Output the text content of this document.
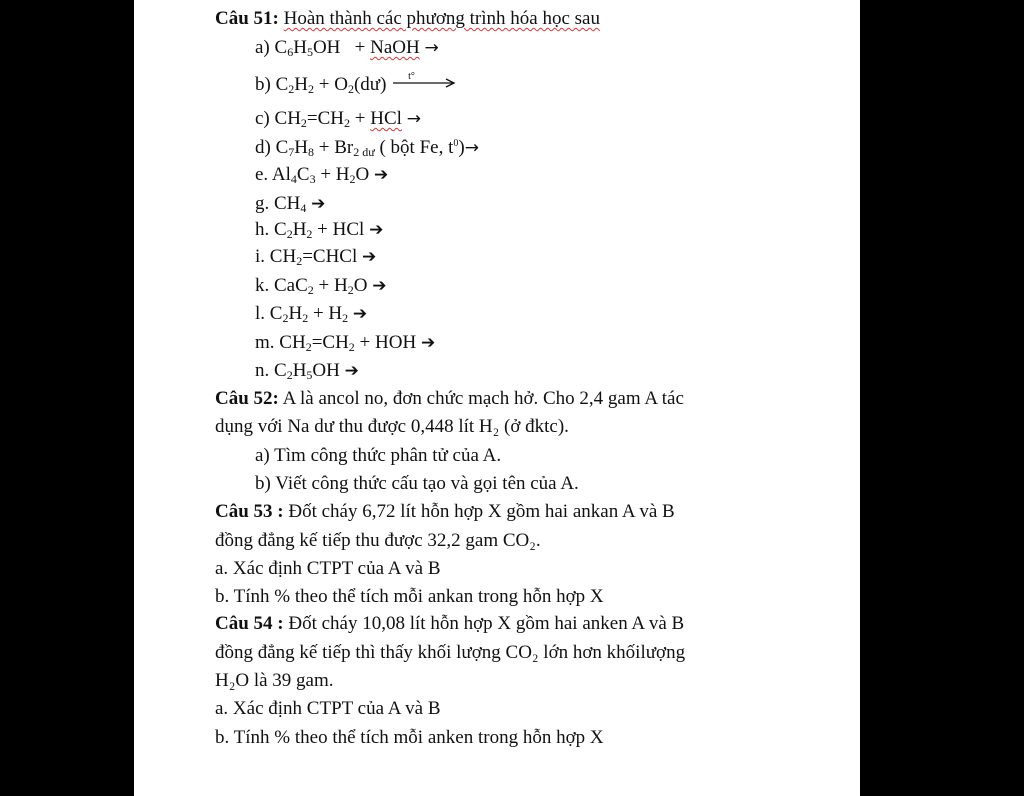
Câu 51: Hoàn thành các phương trình hóa học sau
a) $C_6H_5OH$   + NaOH →
b) $C_2H_2$ + $O_2(dư)$ t°
c) $CH_2=CH_2$ + HCl →
d) $C_7H_8 + Br_{2 dư}$ ( bột Fe, $t^0)\to$
e. $Al_4C_3 + H_2O$ ➔
g. $CH_4$ ➔
h. $C_2H_2$ + HCl ➔
i. $CH_2=CHCl$ ➔
k. $CaC_2 + H_2O$ ➔
l. $C_2H_2 + H_2$ ➔
m. $CH_2=CH_2$ + HOH ➔
n. $C_2H_5OH$ ➔
Câu 52: A là ancol no, đơn chức mạch hở. Cho 2,4 gam A tác
dụng với Na dư thu được 0,448 lít H₂ (ở đktc).
a) Tìm công thức phân tử của A.
b) Viết công thức cấu tạo và gọi tên của A.
Câu 53 : Đốt cháy 6,72 lít hỗn hợp X gồm hai ankan A và B
đồng đẳng kế tiếp thu được 32,2 gam CO₂.
a. Xác định CTPT của A và B
b. Tính % theo thể tích mỗi ankan trong hỗn hợp X
Câu 54 : Đốt cháy 10,08 lít hỗn hợp X gồm hai anken A và B
đồng đẳng kế tiếp thì thấy khối lượng CO₂ lớn hơn khốilượng
H₂O là 39 gam.
a. Xác định CTPT của A và B
b. Tính % theo thể tích mỗi anken trong hỗn hợp X
